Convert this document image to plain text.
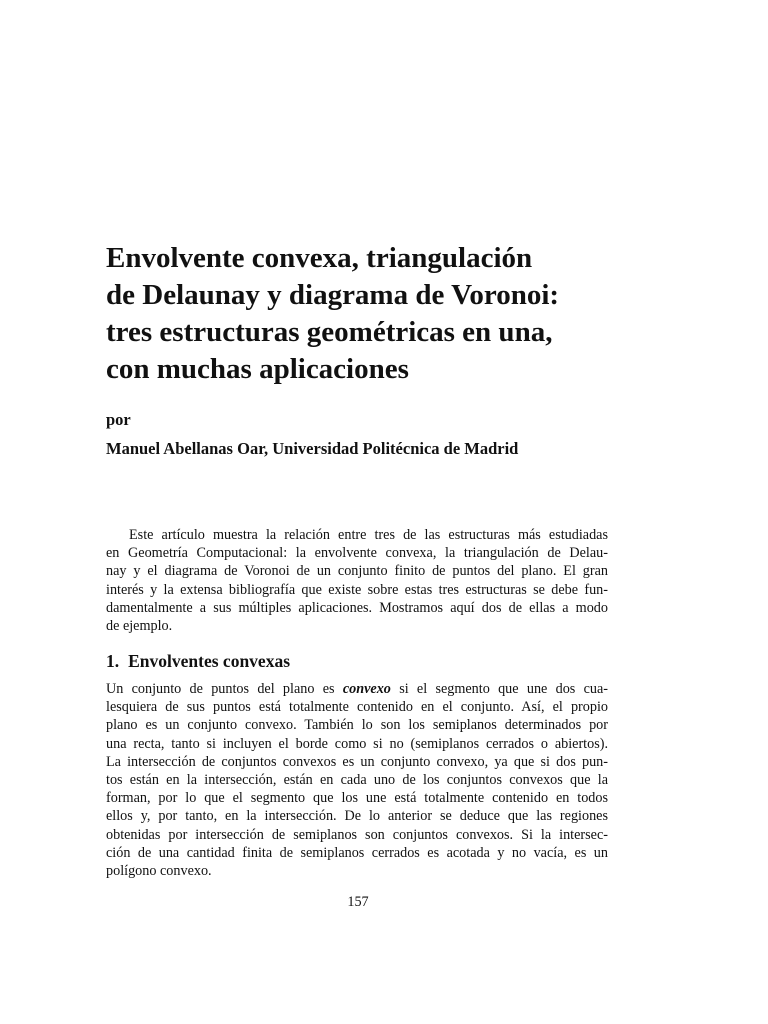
Envolvente convexa, triangulación
de Delaunay y diagrama de Voronoi:
tres estructuras geométricas en una,
con muchas aplicaciones
por
Manuel Abellanas Oar, Universidad Politécnica de Madrid
Este artículo muestra la relación entre tres de las estructuras más estudiadas
en Geometría Computacional: la envolvente convexa, la triangulación de Delau-
nay y el diagrama de Voronoi de un conjunto finito de puntos del plano. El gran
interés y la extensa bibliografía que existe sobre estas tres estructuras se debe fun-
damentalmente a sus múltiples aplicaciones. Mostramos aquí dos de ellas a modo
de ejemplo.
1. Envolventes convexas
Un conjunto de puntos del plano es convexo si el segmento que une dos cua-
lesquiera de sus puntos está totalmente contenido en el conjunto. Así, el propio
plano es un conjunto convexo. También lo son los semiplanos determinados por
una recta, tanto si incluyen el borde como si no (semiplanos cerrados o abiertos).
La intersección de conjuntos convexos es un conjunto convexo, ya que si dos pun-
tos están en la intersección, están en cada uno de los conjuntos convexos que la
forman, por lo que el segmento que los une está totalmente contenido en todos
ellos y, por tanto, en la intersección. De lo anterior se deduce que las regiones
obtenidas por intersección de semiplanos son conjuntos convexos. Si la intersec-
ción de una cantidad finita de semiplanos cerrados es acotada y no vacía, es un
polígono convexo.
157
